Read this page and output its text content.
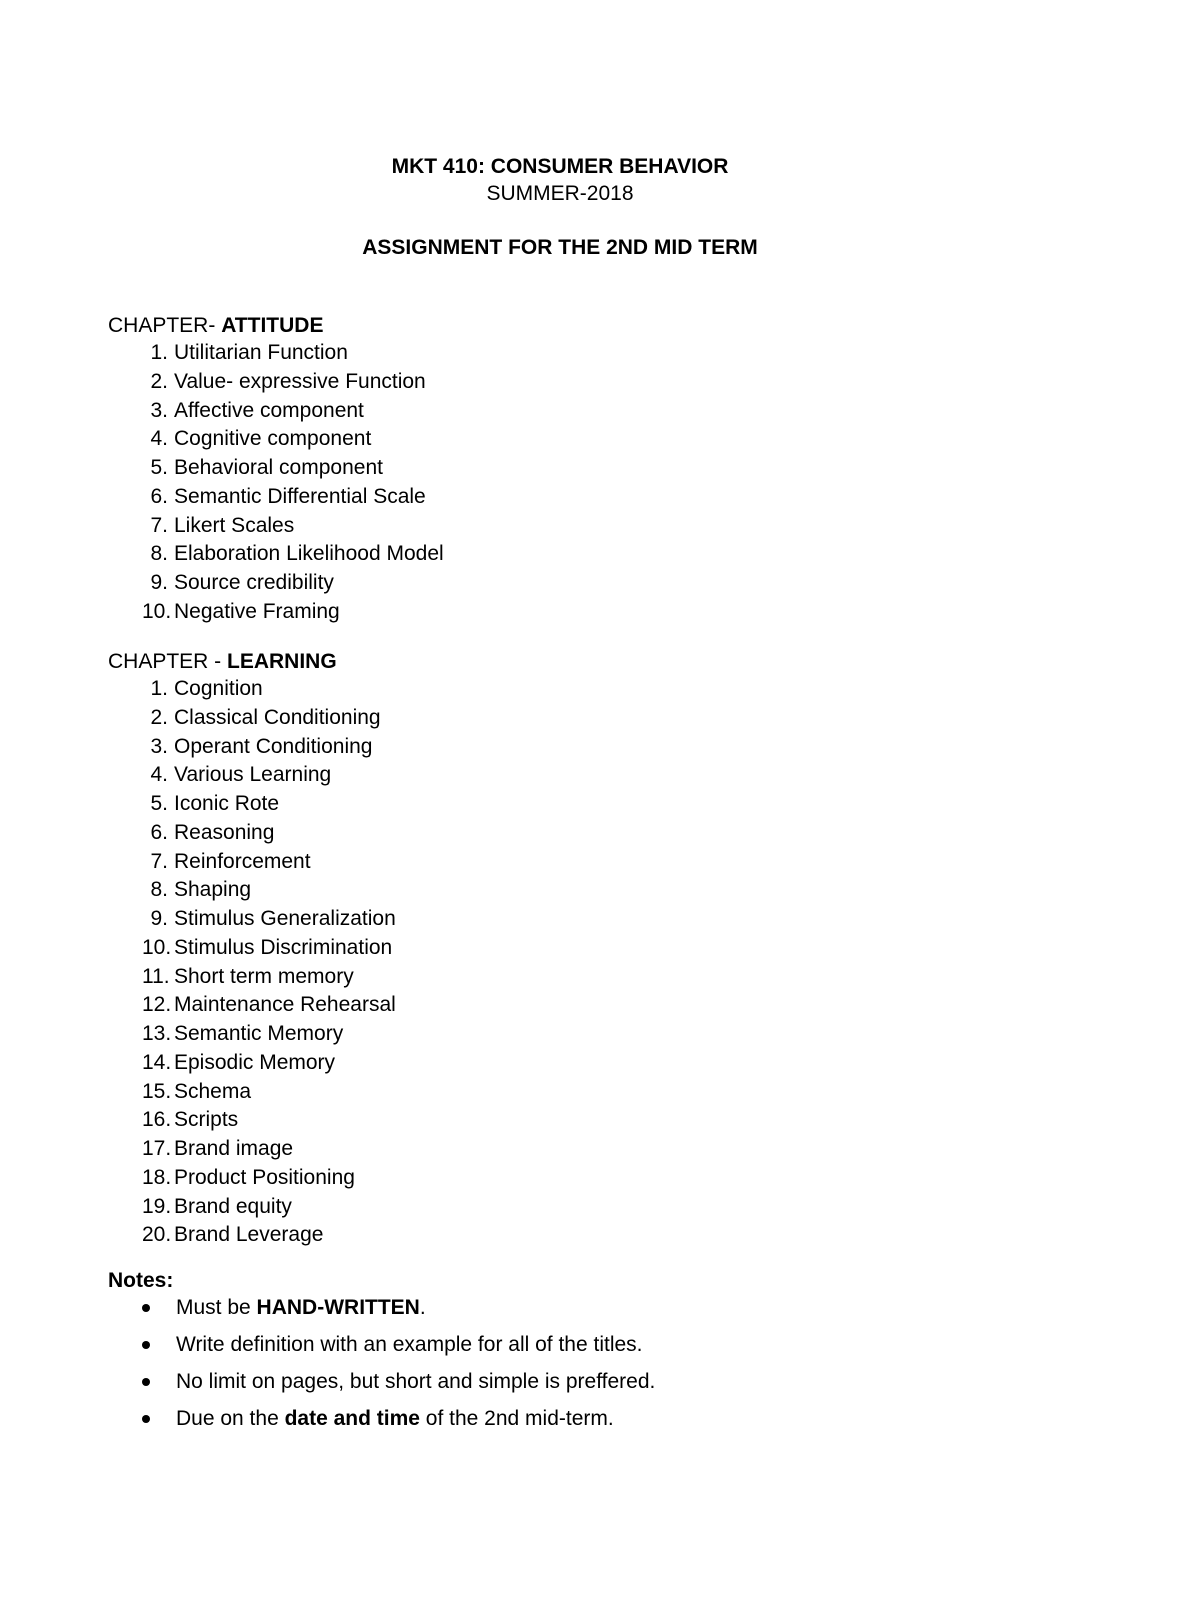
MKT 410: CONSUMER BEHAVIOR
SUMMER-2018
ASSIGNMENT FOR THE 2ND MID TERM
CHAPTER- ATTITUDE
1. Utilitarian Function
2. Value- expressive Function
3. Affective component
4. Cognitive component
5. Behavioral component
6. Semantic Differential Scale
7. Likert Scales
8. Elaboration Likelihood Model
9. Source credibility
10. Negative Framing
CHAPTER - LEARNING
1. Cognition
2. Classical Conditioning
3. Operant Conditioning
4. Various Learning
5. Iconic Rote
6. Reasoning
7. Reinforcement
8. Shaping
9. Stimulus Generalization
10. Stimulus Discrimination
11. Short term memory
12. Maintenance Rehearsal
13. Semantic Memory
14. Episodic Memory
15. Schema
16. Scripts
17. Brand image
18. Product Positioning
19. Brand equity
20. Brand Leverage
Notes:
Must be HAND-WRITTEN.
Write definition with an example for all of the titles.
No limit on pages, but short and simple is preffered.
Due on the date and time of the 2nd mid-term.
